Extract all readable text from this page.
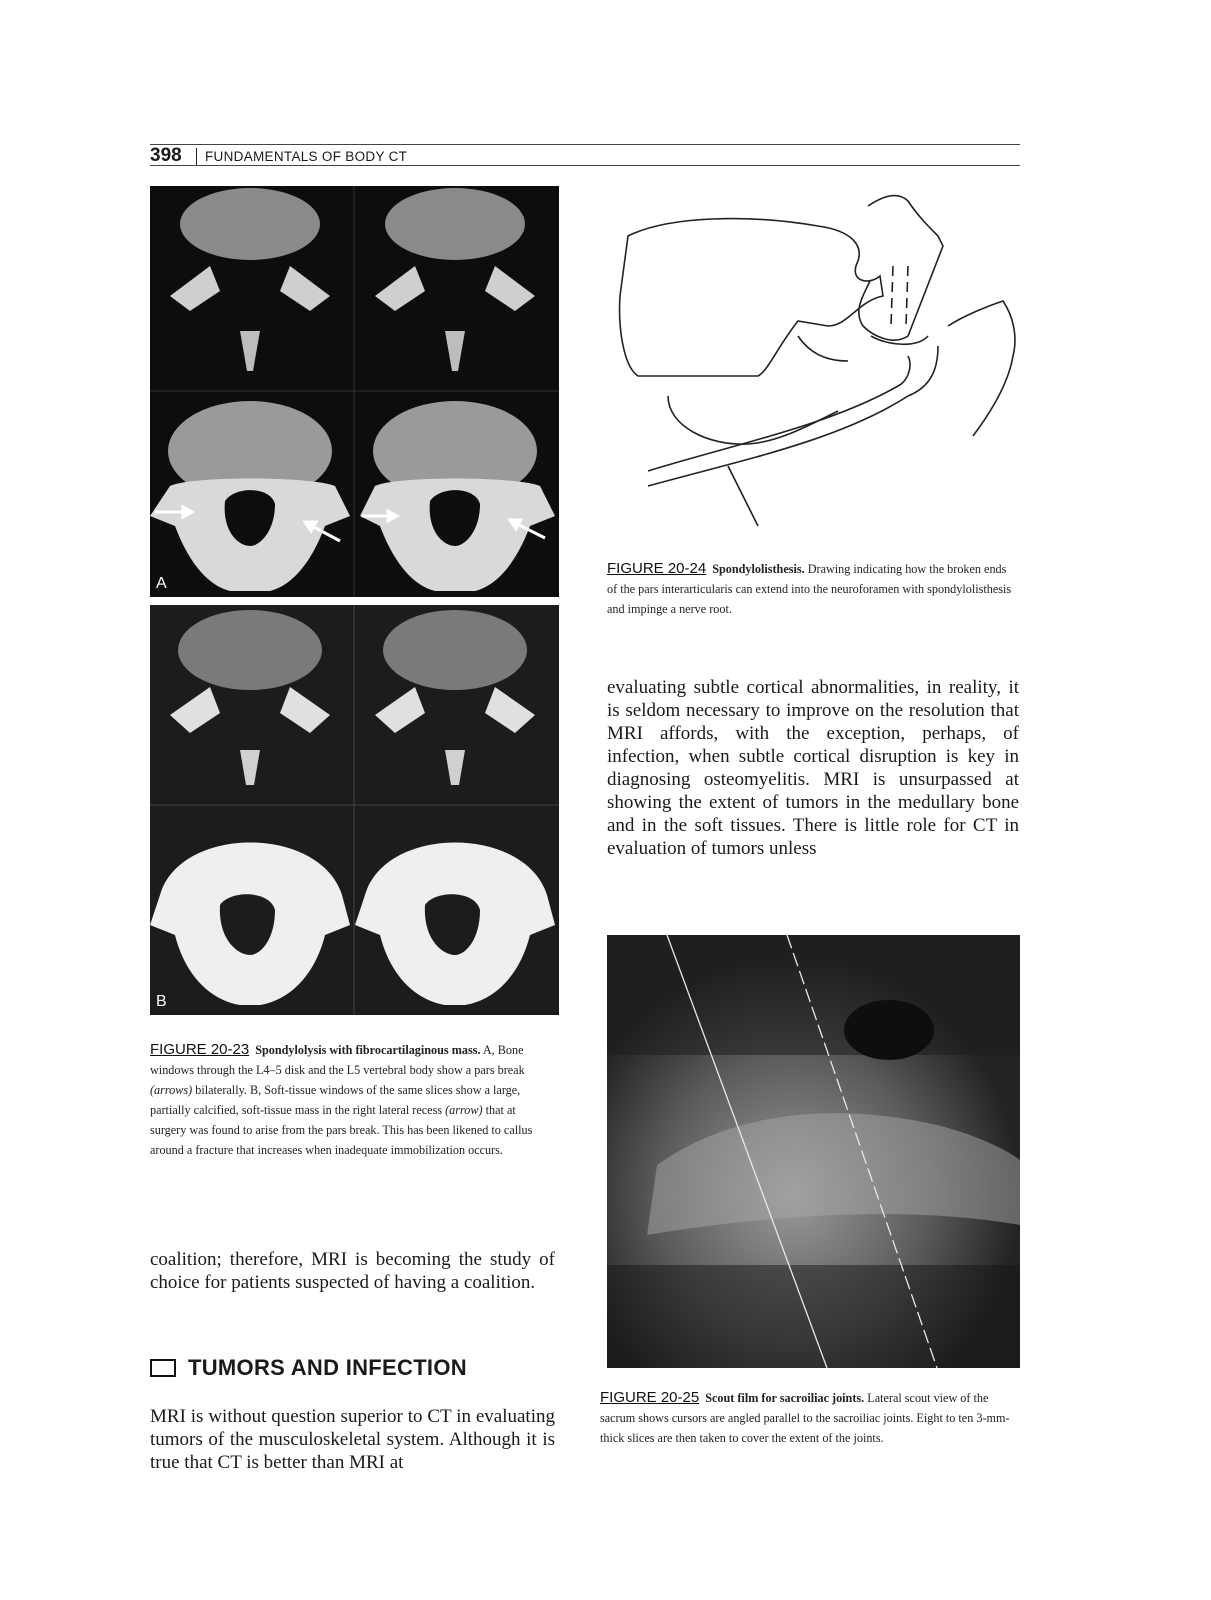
398 FUNDAMENTALS OF BODY CT
A
B
FIGURE 20-23 Spondylolysis with fibrocartilaginous mass. A, Bone windows through the L4–5 disk and the L5 vertebral body show a pars break (arrows) bilaterally. B, Soft-tissue windows of the same slices show a large, partially calcified, soft-tissue mass in the right lateral recess (arrow) that at surgery was found to arise from the pars break. This has been likened to callus around a fracture that increases when inadequate immobilization occurs.

coalition; therefore, MRI is becoming the study of choice for patients suspected of having a coalition.

TUMORS AND INFECTION

MRI is without question superior to CT in evaluating tumors of the musculoskeletal system. Although it is true that CT is better than MRI at

FIGURE 20-24 Spondylolisthesis. Drawing indicating how the broken ends of the pars interarticularis can extend into the neuroforamen with spondylolisthesis and impinge a nerve root.

evaluating subtle cortical abnormalities, in reality, it is seldom necessary to improve on the resolution that MRI affords, with the exception, perhaps, of infection, when subtle cortical disruption is key in diagnosing osteomyelitis. MRI is unsurpassed at showing the extent of tumors in the medullary bone and in the soft tissues. There is little role for CT in evaluation of tumors unless

FIGURE 20-25 Scout film for sacroiliac joints. Lateral scout view of the sacrum shows cursors are angled parallel to the sacroiliac joints. Eight to ten 3-mm-thick slices are then taken to cover the extent of the joints.
